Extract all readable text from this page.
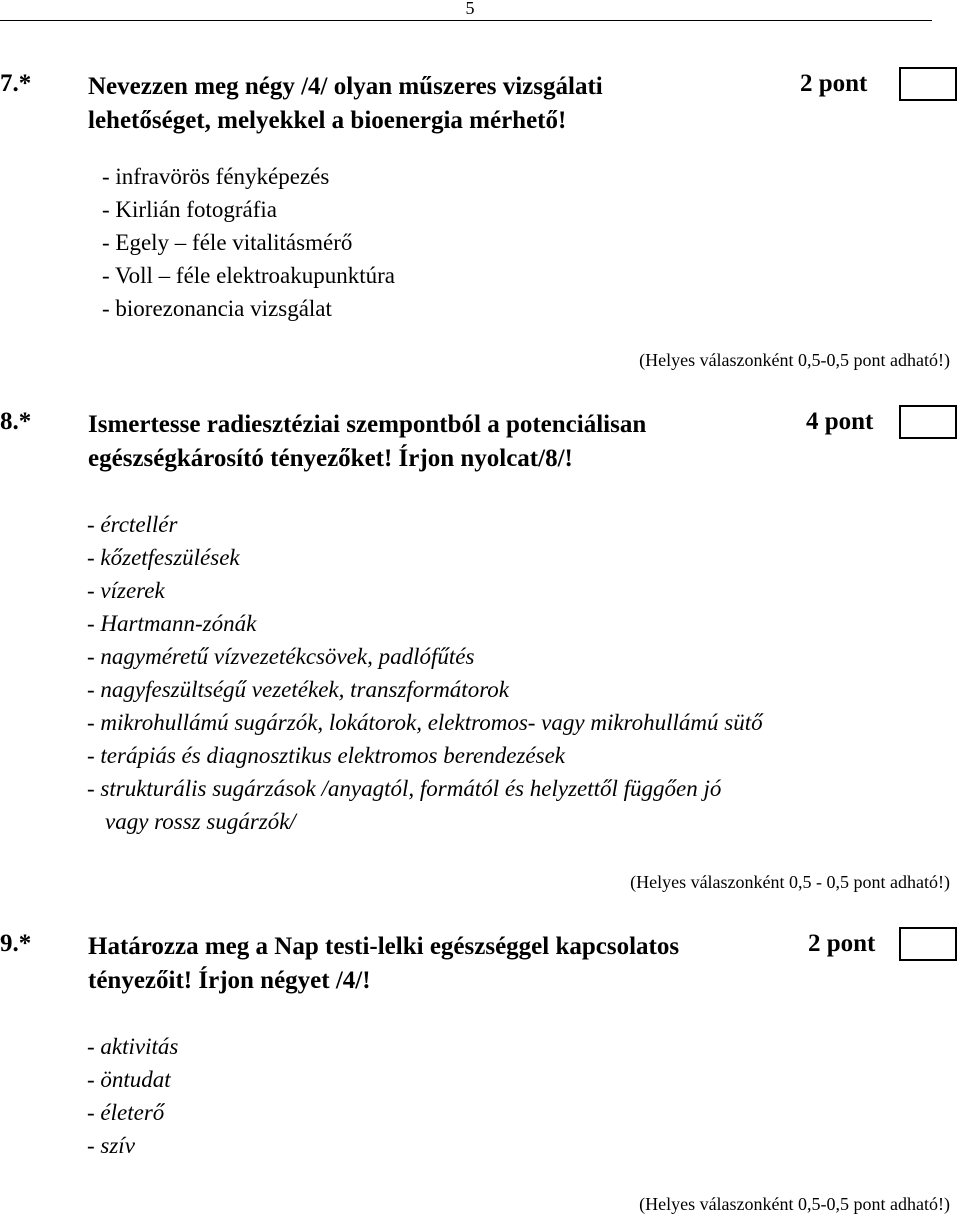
5
7.* Nevezzen meg négy /4/ olyan műszeres vizsgálati
lehetőséget, melyekkel a bioenergia mérhető!
2 pont
- infravörös fényképezés
- Kirlián fotográfia
- Egely – féle vitalitásmérő
- Voll – féle elektroakupunktúra
- biorezonancia vizsgálat
(Helyes válaszonként 0,5-0,5 pont adható!)
8.* Ismertesse radiesztéziai szempontból a potenciálisan
egészségkárosító tényezőket! Írjon nyolcat/8/!
4 pont
- érctellér
- kőzetfeszülések
- vízerek
- Hartmann-zónák
- nagyméretű vízvezetékcsövek, padlófűtés
- nagyfeszültségű vezetékek, transzformátorok
- mikrohullámú sugárzók, lokátorok, elektromos- vagy mikrohullámú sütő
- terápiás és diagnosztikus elektromos berendezések
- strukturális sugárzások /anyagtól, formától és helyzettől függően jó
vagy rossz sugárzók/
(Helyes válaszonként 0,5 - 0,5 pont adható!)
9.* Határozza meg a Nap testi-lelki egészséggel kapcsolatos
tényezőit! Írjon négyet /4/!
2 pont
- aktivitás
- öntudat
- életerő
- szív
(Helyes válaszonként 0,5-0,5 pont adható!)
